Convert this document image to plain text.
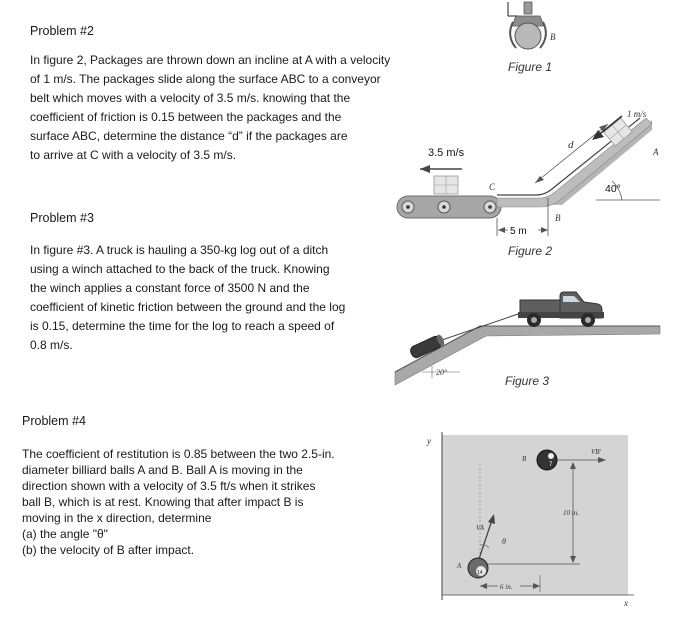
Problem #2
In figure 2, Packages are thrown down an incline at A with a velocity
of 1 m/s. The packages slide along the surface ABC to a conveyor
belt which moves with a velocity of 3.5 m/s. knowing that the
coefficient of friction is 0.15 between the packages and the
surface ABC, determine the distance “d” if the packages are
to arrive at C with a velocity of 3.5 m/s.
Problem #3
In figure #3. A truck is hauling a 350-kg log out of a ditch
using a winch attached to the back of the truck. Knowing
the winch applies a constant force of 3500 N and the
coefficient of kinetic friction between the ground and the log
is 0.15, determine the time for the log to reach a speed of
0.8 m/s.
Problem #4
The coefficient of restitution is 0.85 between the two 2.5-in.
diameter billiard balls A and B. Ball A is moving in the
direction shown with a velocity of 3.5 ft/s when it strikes
ball B, which is at rest. Knowing that after impact B is
moving in the x direction, determine
(a) the angle "θ"
(b) the velocity of B after impact.
Figure 1
Figure 2
Figure 3
B
3.5 m/s
C
B
5 m
d
1 m/s
A
40°
20°
y
x
VB'
7
B
10 in.
VA
θ
14
A
6 in.
